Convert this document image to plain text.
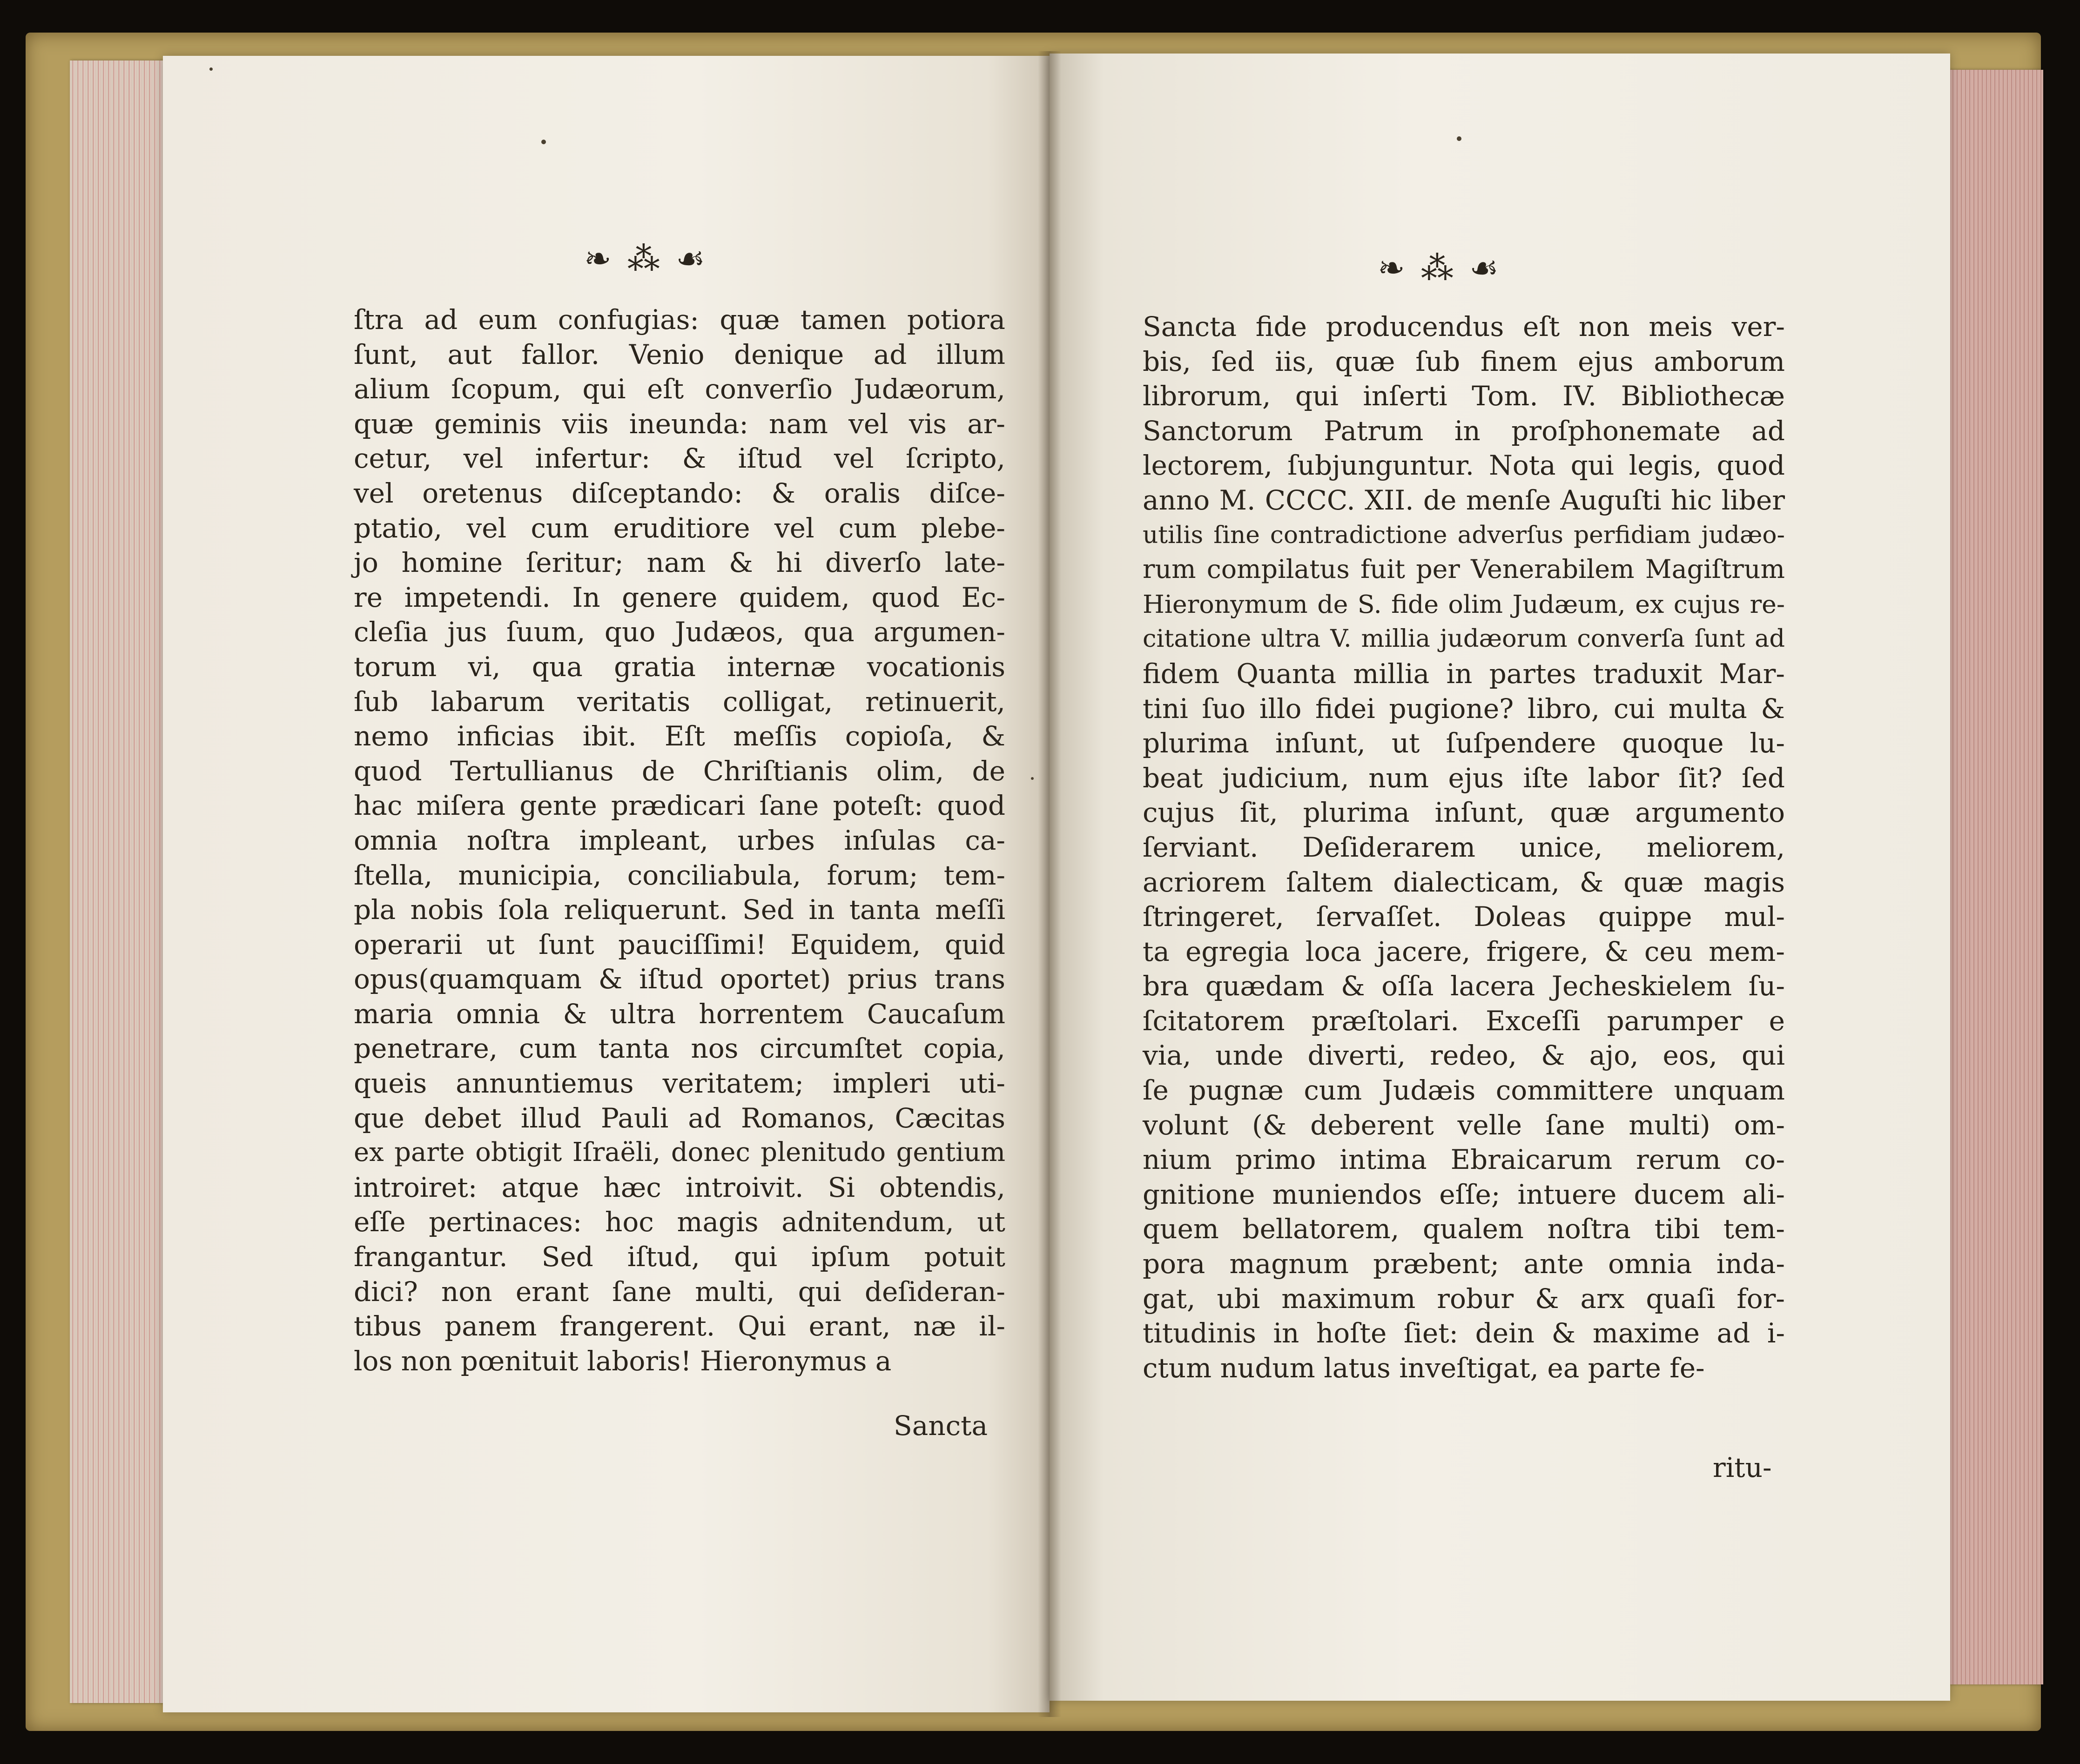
❧ ⁂ ☙
ſtra ad eum confugias: quæ tamen potiora
ſunt, aut fallor. Venio denique ad illum
alium ſcopum, qui eſt converſio Judæorum,
quæ geminis viis ineunda: nam vel vis ar-
cetur, vel infertur: & iſtud vel ſcripto,
vel oretenus diſceptando: & oralis diſce-
ptatio, vel cum eruditiore vel cum plebe-
jo homine ſeritur; nam & hi diverſo late-
re impetendi. In genere quidem, quod Ec-
cleſia jus ſuum, quo Judæos, qua argumen-
torum vi, qua gratia internæ vocationis
ſub labarum veritatis colligat, retinuerit,
nemo inficias ibit. Eſt meſſis copioſa, &
quod Tertullianus de Chriſtianis olim, de
hac miſera gente prædicari ſane poteſt: quod
omnia noſtra impleant, urbes inſulas ca-
ſtella, municipia, conciliabula, forum; tem-
pla nobis ſola reliquerunt. Sed in tanta meſſi
operarii ut ſunt pauciſſimi! Equidem, quid
opus(quamquam & iſtud oportet) prius trans
maria omnia & ultra horrentem Caucaſum
penetrare, cum tanta nos circumſtet copia,
queis annuntiemus veritatem; impleri uti-
que debet illud Pauli ad Romanos, Cæcitas
ex parte obtigit Iſraëli, donec plenitudo gentium
introiret: atque hæc introivit. Si obtendis,
eſſe pertinaces: hoc magis adnitendum, ut
frangantur. Sed iſtud, qui ipſum potuit
dici? non erant ſane multi, qui deſideran-
tibus panem frangerent. Qui erant, næ il-
los non pœnituit laboris! Hieronymus a
Sancta
❧ ⁂ ☙
Sancta fide producendus eſt non meis ver-
bis, ſed iis, quæ ſub finem ejus amborum
librorum, qui inſerti Tom. IV. Bibliothecæ
Sanctorum Patrum in proſphonemate ad
lectorem, ſubjunguntur. Nota qui legis, quod
anno M. CCCC. XII. de menſe Auguſti hic liber
utilis ſine contradictione adverſus perfidiam judæo-
rum compilatus fuit per Venerabilem Magiſtrum
Hieronymum de S. fide olim Judæum, ex cujus re-
citatione ultra V. millia judæorum converſa ſunt ad
fidem Quanta millia in partes traduxit Mar-
tini ſuo illo fidei pugione? libro, cui multa &
plurima inſunt, ut ſuſpendere quoque lu-
beat judicium, num ejus iſte labor ſit? ſed
cujus ſit, plurima inſunt, quæ argumento
ſerviant. Deſiderarem unice, meliorem,
acriorem ſaltem dialecticam, & quæ magis
ſtringeret, ſervaſſet. Doleas quippe mul-
ta egregia loca jacere, frigere, & ceu mem-
bra quædam & oſſa lacera Jecheskielem ſu-
ſcitatorem præſtolari. Exceſſi parumper e
via, unde diverti, redeo, & ajo, eos, qui
ſe pugnæ cum Judæis committere unquam
volunt (& deberent velle ſane multi) om-
nium primo intima Ebraicarum rerum co-
gnitione muniendos eſſe; intuere ducem ali-
quem bellatorem, qualem noſtra tibi tem-
pora magnum præbent; ante omnia inda-
gat, ubi maximum robur & arx quaſi for-
titudinis in hoſte ſiet: dein & maxime ad i-
ctum nudum latus inveſtigat, ea parte fe-
ritu-
